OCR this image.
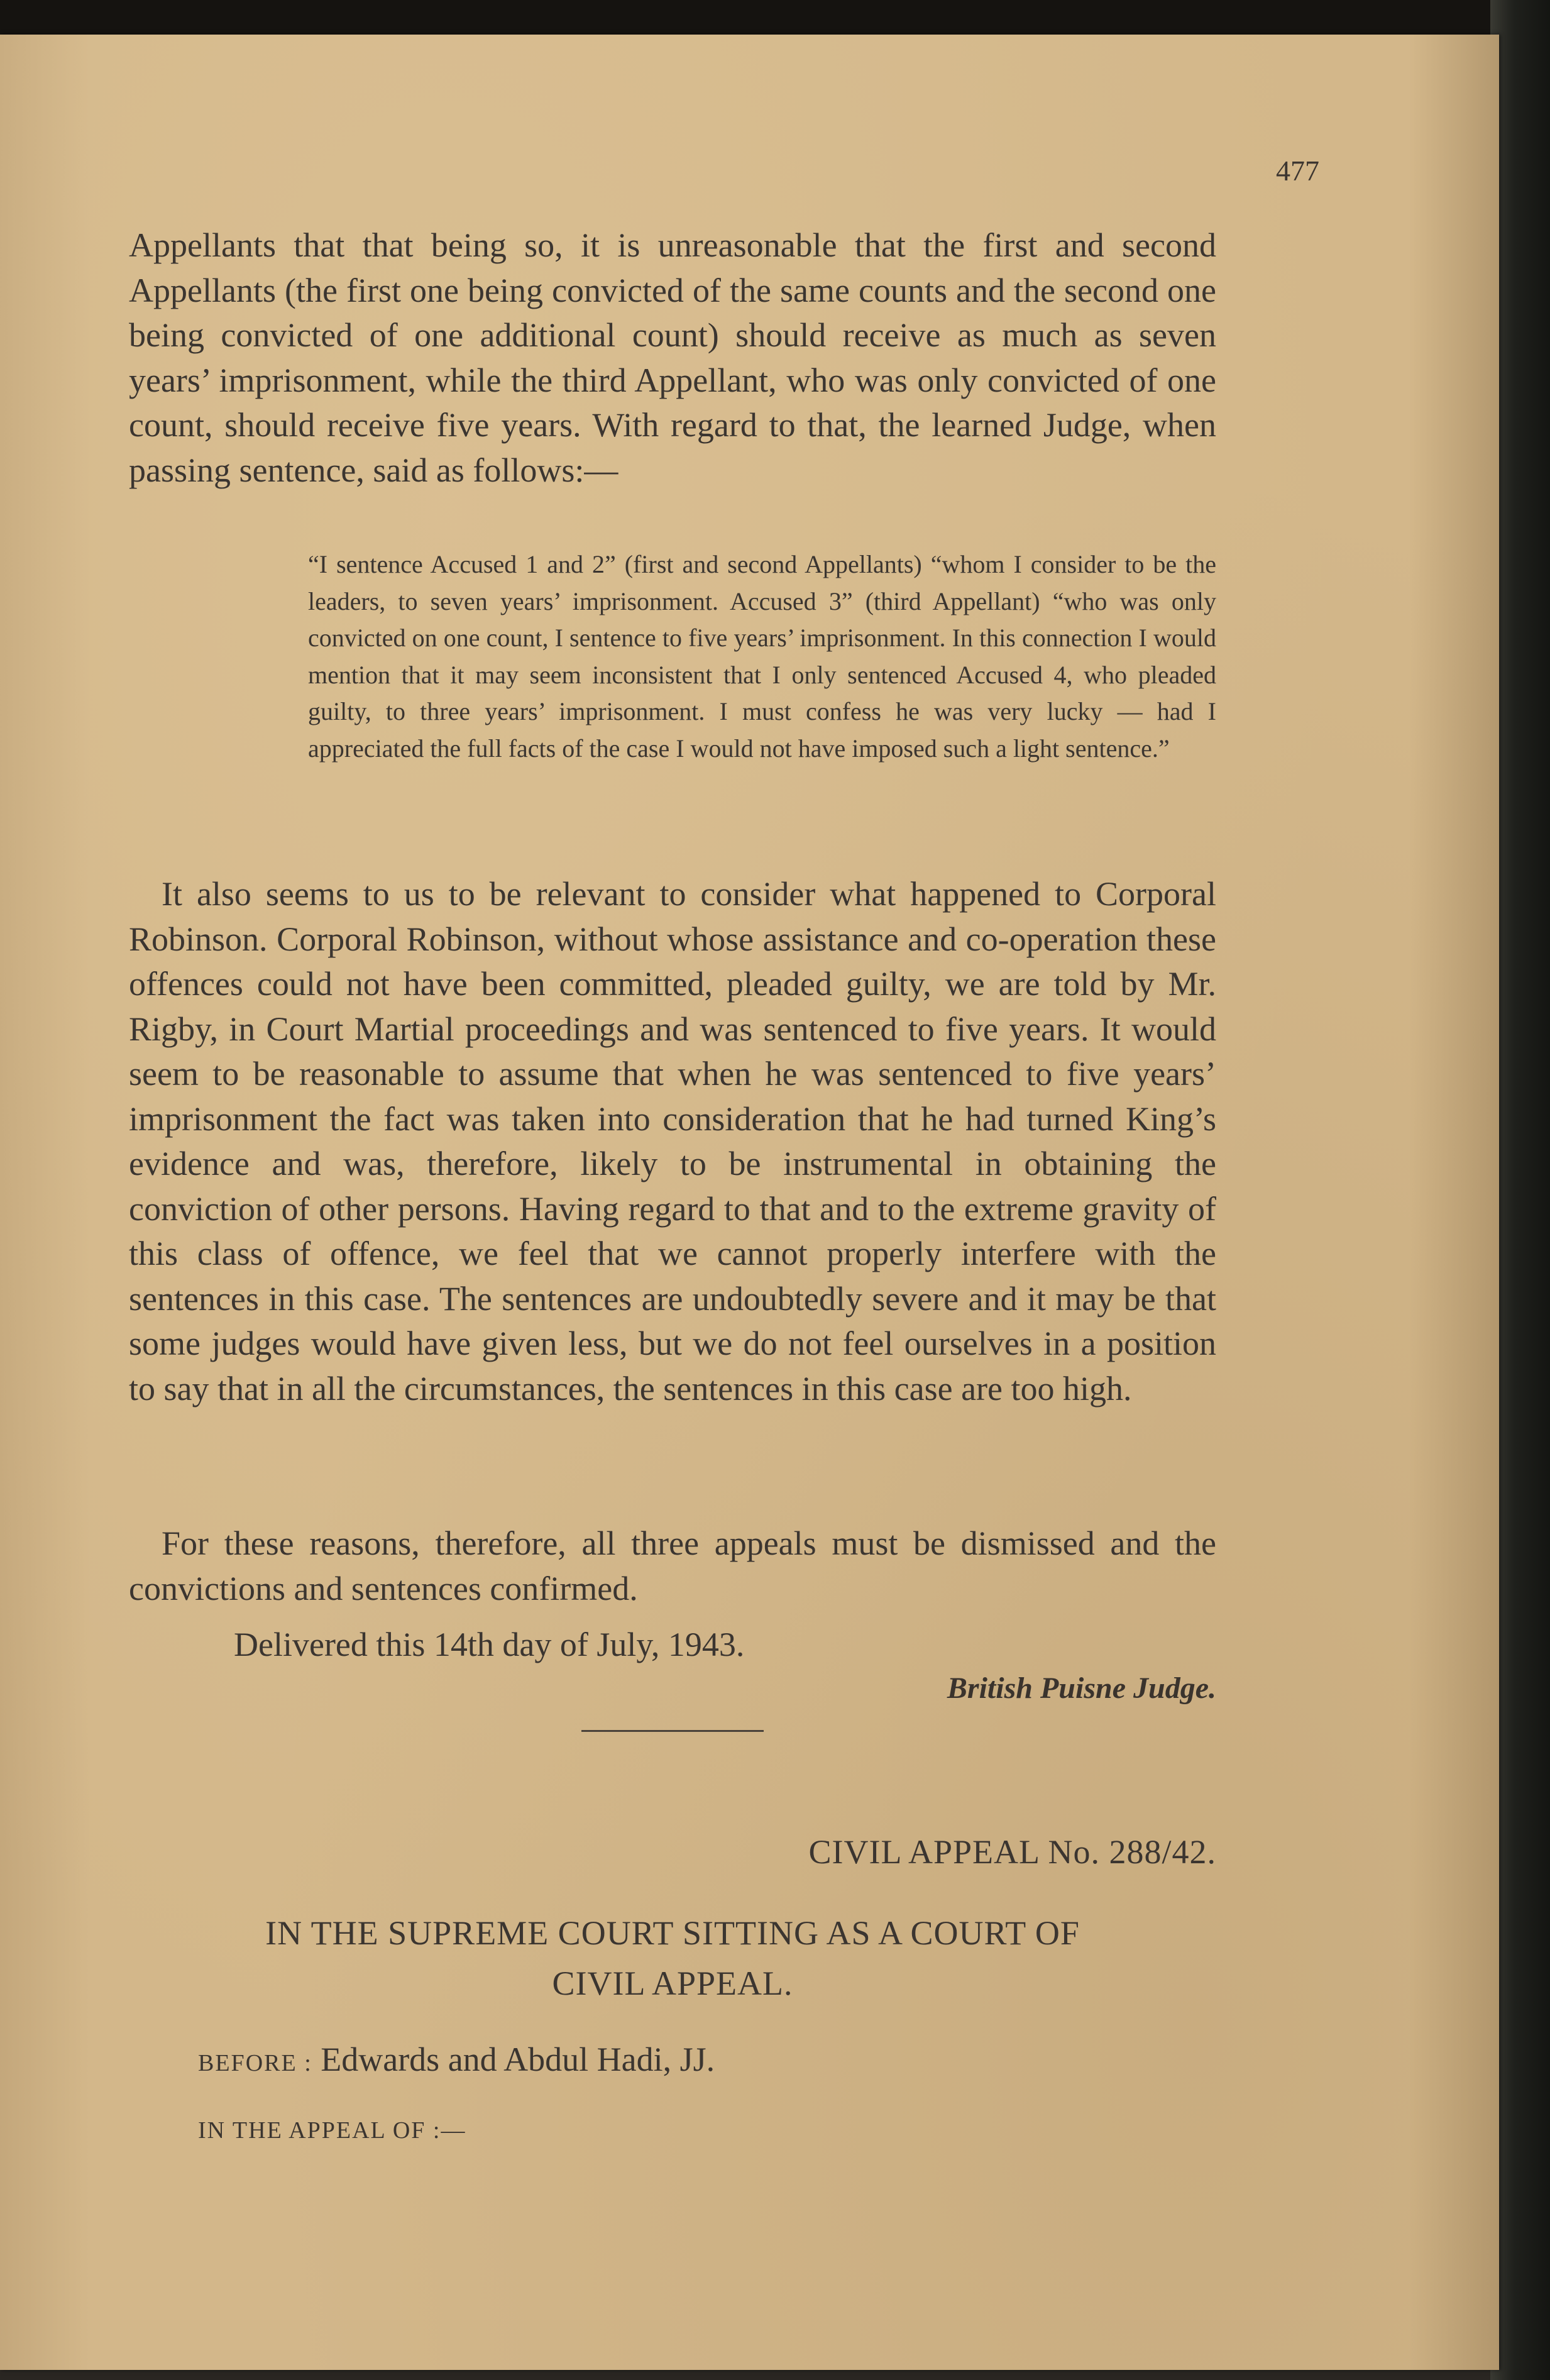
477

Appellants that that being so, it is unreasonable that the first and second Appellants (the first one being convicted of the same counts and the second one being convicted of one additional count) should receive as much as seven years’ imprisonment, while the third Appellant, who was only convicted of one count, should receive five years. With regard to that, the learned Judge, when passing sentence, said as follows:—

“I sentence Accused 1 and 2” (first and second Appellants) “whom I consider to be the leaders, to seven years’ imprisonment. Accused 3” (third Appellant) “who was only convicted on one count, I sentence to five years’ imprisonment. In this connection I would mention that it may seem inconsistent that I only sentenced Accused 4, who pleaded guilty, to three years’ imprisonment. I must confess he was very lucky — had I appreciated the full facts of the case I would not have imposed such a light sentence.”

It also seems to us to be relevant to consider what happened to Corporal Robinson. Corporal Robinson, without whose assistance and co-operation these offences could not have been committed, pleaded guilty, we are told by Mr. Rigby, in Court Martial proceedings and was sentenced to five years. It would seem to be reasonable to assume that when he was sentenced to five years’ imprisonment the fact was taken into consideration that he had turned King’s evidence and was, therefore, likely to be instrumental in obtaining the conviction of other persons. Having regard to that and to the extreme gravity of this class of offence, we feel that we cannot properly interfere with the sentences in this case. The sentences are undoubtedly severe and it may be that some judges would have given less, but we do not feel ourselves in a position to say that in all the circumstances, the sentences in this case are too high.

For these reasons, therefore, all three appeals must be dismissed and the convictions and sentences confirmed.

Delivered this 14th day of July, 1943.
British Puisne Judge.
CIVIL APPEAL No. 288/42.
IN THE SUPREME COURT SITTING AS A COURT OF
CIVIL APPEAL.
BEFORE : Edwards and Abdul Hadi, JJ.
IN THE APPEAL OF :—
